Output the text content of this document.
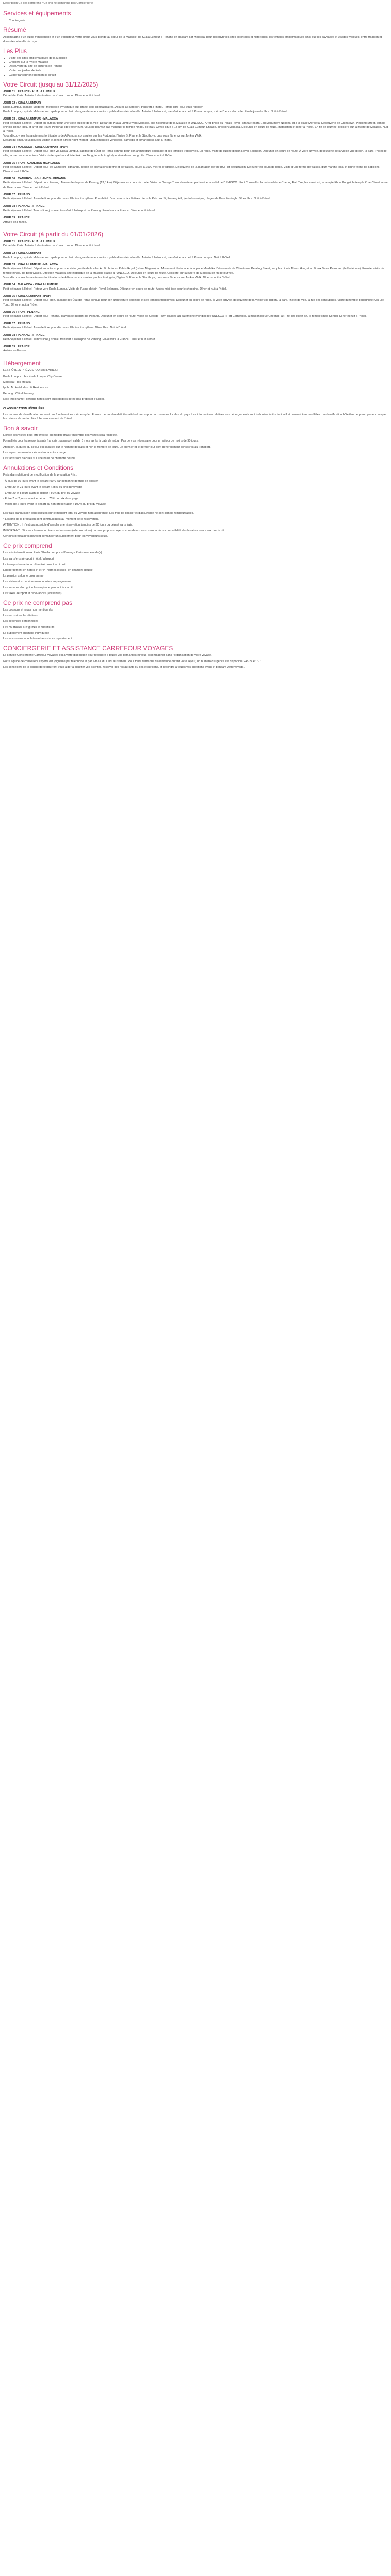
Description Ce prix comprend / Ce prix ne comprend pas Conciergerie
Services et équipements
• Conciergerie
Résumé

Accompagné d'un guide francophone et d'un traducteur, votre circuit vous plonge au cœur de la Malaisie, de Kuala Lumpur à Penang en passant par Malacca, pour découvrir les cités coloniales et historiques, les temples emblématiques ainsi que les paysages et villages typiques, entre tradition et diversité culturelle du pays.

Les Plus
• Visite des sites emblématiques de la Malaisie
• Croisière sur la rivière Malacca
• Découverte du site de cultures de Penang
• Visite des jardins de Kula
• Guide francophone pendant le circuit
Votre Circuit (jusqu'au 31/12/2025)

JOUR 01 : FRANCE - KUALA LUMPUR

Départ de Paris. Arrivée à destination de Kuala Lumpur. Dîner et nuit à bord.

JOUR 02 : KUALA LUMPUR

Kuala Lumpur, capitale Moderne, métropole dynamique aux gratte-ciels spectaculaires. Accueil à l'aéroport, transfert à l'hôtel. Temps libre pour vous reposer.

Kuala Lumpur, capitale Malaisienne rapide pour un bain des grandeurs et une incroyable diversité culturelle. Arrivée à l'aéroport, transfert et accueil à Kuala Lumpur, même l'heure d'arrivée. Fin de journée libre. Nuit à l'hôtel.

JOUR 03 : KUALA LUMPUR - MALACCA

Petit-déjeuner à l'hôtel. Départ en autocar pour une visite guidée de la ville. Départ de Kuala Lumpur vers Malacca, site historique de la Malaisie et UNESCO. Arrêt photo au Palais Royal (Istana Negara), au Monument National et à la place Merdeka. Découverte de Chinatown, Petaling Street, temple chinois Thean Hou, et arrêt aux Tours Petronas (de l'extérieur). Vous ne pouvez pas manquer le temple hindou de Batu Caves situé à 13 km de Kuala Lumpur. Ensuite, direction Malacca. Déjeuner en cours de route. Installation et dîner à l'hôtel. En fin de journée, croisière sur la rivière de Malacca. Nuit à l'hôtel.

Vous découvrirez les anciennes fortifications de A Famosa construites par les Portugais, l'église St Paul et le Stadthuys, puis vous flânerez sur Jonker Walk.

Départ du dîner, vous pourrez visiter le Jonker Street Night Market (uniquement les vendredis, samedis et dimanches). Nuit à l'hôtel.

JOUR 04 : MALACCA - KUALA LUMPUR - IPOH

Petit-déjeuner à l'hôtel. Départ pour Ipoh via Kuala Lumpur, capitale de l'État de Perak connue pour son architecture coloniale et ses temples troglodytes. En route, visite de l'usine d'étain Royal Selangor. Déjeuner en cours de route. À votre arrivée, découverte de la vieille ville d'Ipoh, la gare, l'hôtel de ville, la rue des concubines. Visite du temple bouddhiste Kek Lok Tong, temple troglodyte situé dans une grotte. Dîner et nuit à l'hôtel.

JOUR 05 : IPOH - CAMERON HIGHLANDS

Petit-déjeuner à l'hôtel. Départ pour les Cameron Highlands, région de plantations de thé et de fraises, située à 1500 mètres d'altitude. Découverte de la plantation de thé BOH et dégustation. Déjeuner en cours de route. Visite d'une ferme de fraises, d'un marché local et d'une ferme de papillons. Dîner et nuit à l'hôtel.

JOUR 06 : CAMERON HIGHLANDS - PENANG

Petit-déjeuner à l'hôtel. Départ pour Penang. Traversée du pont de Penang (13,5 km). Déjeuner en cours de route. Visite de George Town classée au patrimoine mondial de l'UNESCO : Fort Cornwallis, la maison bleue Cheong Fatt Tze, les street art, le temple Khoo Kongsi, le temple Kuan Yin et la rue de l'Harmonie. Dîner et nuit à l'hôtel.

JOUR 07 : PENANG

Petit-déjeuner à l'hôtel. Journée libre pour découvrir l'île à votre rythme. Possibilité d'excursions facultatives : temple Kek Lok Si, Penang Hill, jardin botanique, plages de Batu Ferringhi. Dîner libre. Nuit à l'hôtel.

JOUR 08 : PENANG - FRANCE

Petit-déjeuner à l'hôtel. Temps libre jusqu'au transfert à l'aéroport de Penang. Envol vers la France. Dîner et nuit à bord.

JOUR 09 : FRANCE

Arrivée en France.

Votre Circuit (à partir du 01/01/2026)

JOUR 01 : FRANCE - KUALA LUMPUR

Départ de Paris. Arrivée à destination de Kuala Lumpur. Dîner et nuit à bord.

JOUR 02 : KUALA LUMPUR

Kuala Lumpur, capitale Malaisienne rapide pour un bain des grandeurs et une incroyable diversité culturelle. Arrivée à l'aéroport, transfert et accueil à Kuala Lumpur. Nuit à l'hôtel.

JOUR 03 : KUALA LUMPUR - MALACCA

Petit-déjeuner à l'hôtel. Départ en autocar pour une visite guidée de la ville. Arrêt photo au Palais Royal (Istana Negara), au Monument National et à la place Merdeka. Découverte de Chinatown, Petaling Street, temple chinois Thean Hou, et arrêt aux Tours Petronas (de l'extérieur). Ensuite, visite du temple hindou de Batu Caves. Direction Malacca, site historique de la Malaisie classé à l'UNESCO. Déjeuner en cours de route. Croisière sur la rivière de Malacca en fin de journée.

Vous découvrirez les anciennes fortifications de A Famosa construites par les Portugais, l'église St Paul et le Stadthuys, puis vous flânerez sur Jonker Walk. Dîner et nuit à l'hôtel.

JOUR 04 : MALACCA - KUALA LUMPUR

Petit-déjeuner à l'hôtel. Retour vers Kuala Lumpur. Visite de l'usine d'étain Royal Selangor. Déjeuner en cours de route. Après-midi libre pour le shopping. Dîner et nuit à l'hôtel.

JOUR 05 : KUALA LUMPUR - IPOH

Petit-déjeuner à l'hôtel. Départ pour Ipoh, capitale de l'État de Perak connue pour son architecture coloniale et ses temples troglodytes. Déjeuner en cours de route. À votre arrivée, découverte de la vieille ville d'Ipoh, la gare, l'hôtel de ville, la rue des concubines. Visite du temple bouddhiste Kek Lok Tong. Dîner et nuit à l'hôtel.

JOUR 06 : IPOH - PENANG

Petit-déjeuner à l'hôtel. Départ pour Penang. Traversée du pont de Penang. Déjeuner en cours de route. Visite de George Town classée au patrimoine mondial de l'UNESCO : Fort Cornwallis, la maison bleue Cheong Fatt Tze, les street art, le temple Khoo Kongsi. Dîner et nuit à l'hôtel.

JOUR 07 : PENANG

Petit-déjeuner à l'hôtel. Journée libre pour découvrir l'île à votre rythme. Dîner libre. Nuit à l'hôtel.

JOUR 08 : PENANG - FRANCE

Petit-déjeuner à l'hôtel. Temps libre jusqu'au transfert à l'aéroport de Penang. Envol vers la France. Dîner et nuit à bord.

JOUR 09 : FRANCE

Arrivée en France.

Hébergement

LES HÔTELS PRÉVUS (OU SIMILAIRES)

Kuala Lumpur : Ibis Kuala Lumpur City Centre

Malacca : Ibis Melaka

Ipoh : M. Hotel Hash & Residences

Penang : Cititel Penang

Note importante : certains hôtels sont susceptibles de ne pas proposer d'alcool.

CLASSIFICATION HÔTELIÈRE

Les normes de classification ne sont pas forcément les mêmes qu'en France. Le nombre d'étoiles attribué correspond aux normes locales du pays. Les informations relatives aux hébergements sont indiquées à titre indicatif et peuvent être modifiées. La classification hôtelière ne prend pas en compte les critères de confort liés à l'environnement de l'hôtel.

Bon à savoir

L'ordre des visites peut être inversé ou modifié mais l'ensemble des visites sera respecté.

Formalités pour les ressortissants français : passeport valide 6 mois après la date de retour. Pas de visa nécessaire pour un séjour de moins de 90 jours.

Attention, la durée du séjour est calculée sur le nombre de nuits et non le nombre de jours. Le premier et le dernier jour sont généralement consacrés au transport.

Les repas non mentionnés restent à votre charge.

Les tarifs sont calculés sur une base de chambre double.

Annulations et Conditions

Frais d'annulation et de modification de la prestation Prix :

- À plus de 30 jours avant le départ : 90 € par personne de frais de dossier

- Entre 30 et 21 jours avant le départ : 25% du prix du voyage

- Entre 20 et 8 jours avant le départ : 50% du prix du voyage

- Entre 7 et 2 jours avant le départ : 75% du prix du voyage

- Moins de 2 jours avant le départ ou non-présentation : 100% du prix du voyage

Les frais d'annulation sont calculés sur le montant total du voyage hors assurance. Les frais de dossier et d'assurance ne sont jamais remboursables.

* Les prix de la prestation sont communiqués au moment de la réservation.

ATTENTION : Il n'est pas possible d'annuler une réservation à moins de 30 jours du départ sans frais.

IMPORTANT : Si vous réservez un transport en avion (aller ou retour) par vos propres moyens, vous devez vous assurer de la compatibilité des horaires avec ceux du circuit.

Certains prestataires peuvent demander un supplément pour les voyageurs seuls.

Ce prix comprend

Les vols internationaux Paris / Kuala Lumpur – Penang / Paris avec escale(s)

Les transferts aéroport / hôtel / aéroport

Le transport en autocar climatisé durant le circuit

L'hébergement en hôtels 3* et 4* (normes locales) en chambre double

La pension selon le programme

Les visites et excursions mentionnées au programme

Les services d'un guide francophone pendant le circuit

Les taxes aéroport et redevances (révisables)

Ce prix ne comprend pas

Les boissons et repas non mentionnés

Les excursions facultatives

Les dépenses personnelles

Les pourboires aux guides et chauffeurs

Le supplément chambre individuelle

Les assurances annulation et assistance rapatriement

CONCIERGERIE ET ASSISTANCE CARREFOUR VOYAGES

Le service Conciergerie Carrefour Voyages est à votre disposition pour répondre à toutes vos demandes et vous accompagner dans l'organisation de votre voyage.

Notre équipe de conseillers experts est joignable par téléphone et par e-mail, du lundi au samedi. Pour toute demande d'assistance durant votre séjour, un numéro d'urgence est disponible 24h/24 et 7j/7.

Les conseillers de la conciergerie pourront vous aider à planifier vos activités, réserver des restaurants ou des excursions, et répondre à toutes vos questions avant et pendant votre voyage.
